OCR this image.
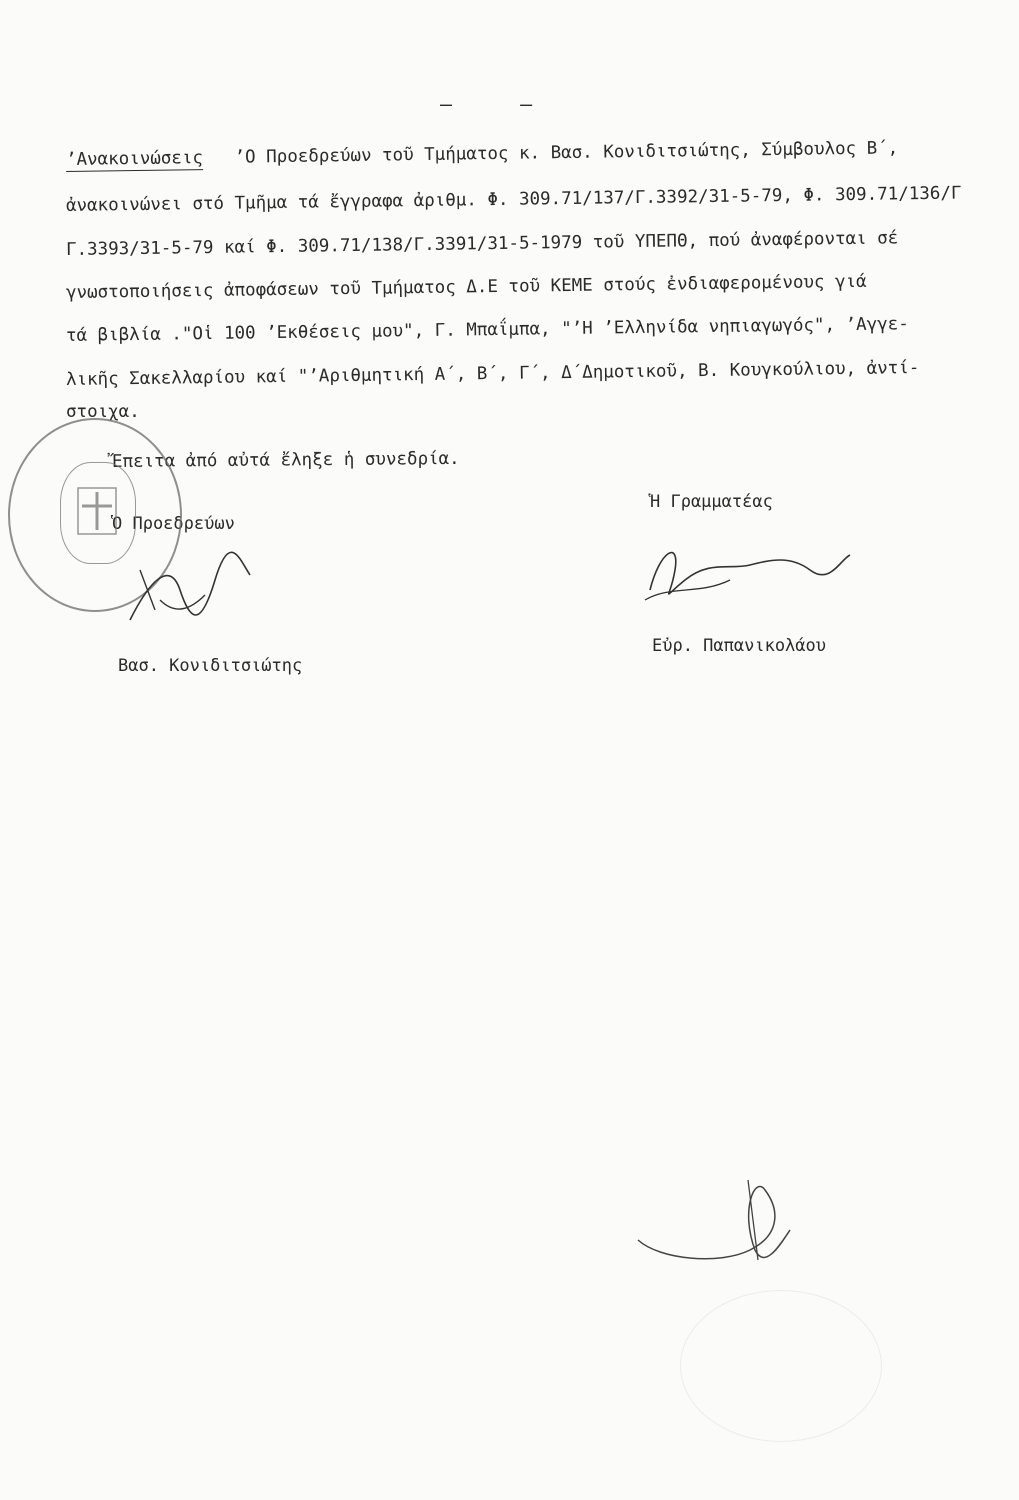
– –
’Ανακοινώσεις ’Ο Προεδρεύων τοῦ Τμήματος κ. Βασ. Κονιδιτσιώτης, Σύμβουλος Β΄,
ἀνακοινώνει στό Τμῆμα τά ἔγγραφα ἀριθμ. Φ. 309.71/137/Γ.3392/31-5-79, Φ. 309.71/136/Γ
Γ.3393/31-5-79 καί Φ. 309.71/138/Γ.3391/31-5-1979 τοῦ ΥΠΕΠΘ, πού ἀναφέρονται σέ
γνωστοποιήσεις ἀποφάσεων τοῦ Τμήματος Δ.Ε τοῦ ΚΕΜΕ στούς ἐνδιαφερομένους γιά
τά βιβλία ."Οἱ 100 ’Εκθέσεις μου", Γ. Μπαΐμπα, "’Η ’Ελληνίδα νηπιαγωγός", ’Αγγε-
λικῆς Σακελλαρίου καί "’Αριθμητική Α΄, Β΄, Γ΄, Δ΄Δημοτικοῦ, Β. Κουγκούλιου, ἀντί-
στοιχα.
Ἔπειτα ἀπό αὐτά ἔληξε ἡ συνεδρία.
Ὁ Προεδρεύων
Βασ. Κονιδιτσιώτης
Ἡ Γραμματέας
Εὐρ. Παπανικολάου
